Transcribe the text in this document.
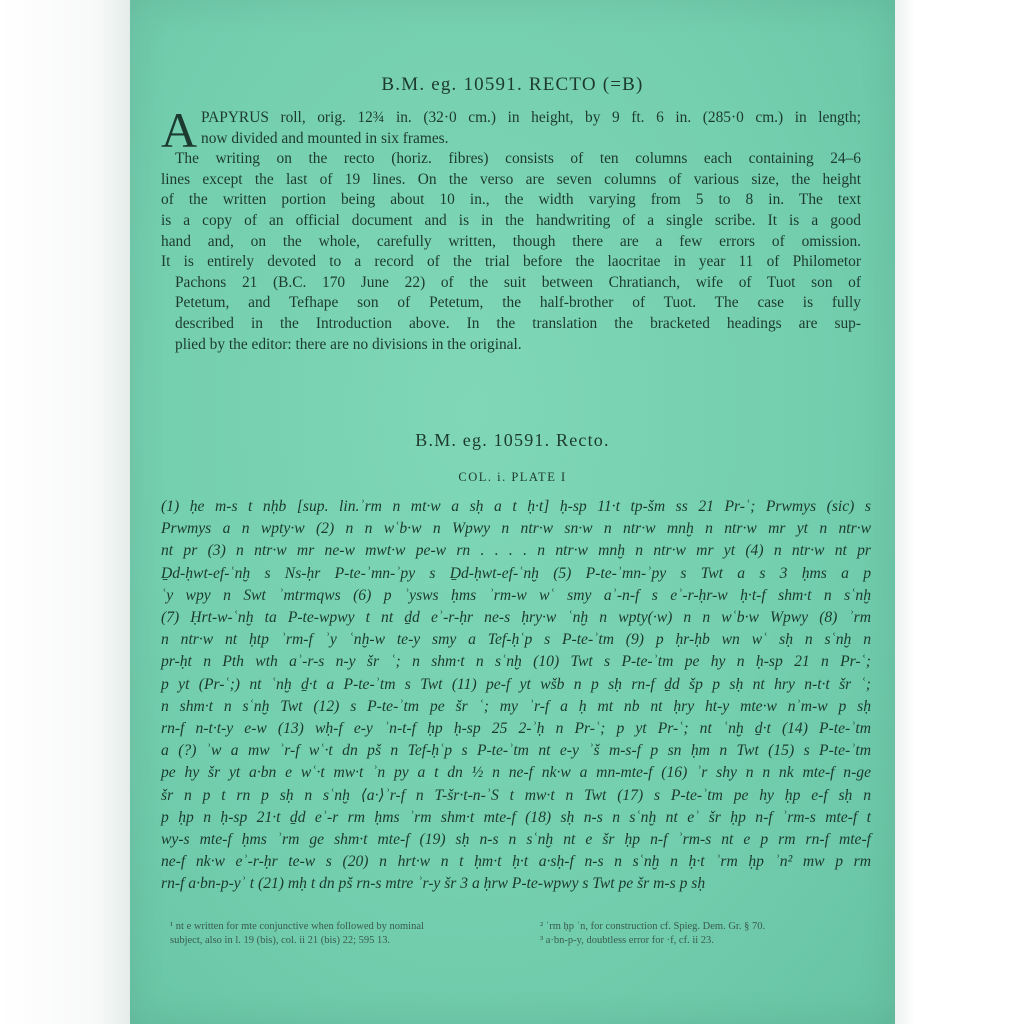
B.M. eg. 10591. RECTO (=B)
A PAPYRUS roll, orig. 12¾ in. (32·0 cm.) in height, by 9 ft. 6 in. (285·0 cm.) in length;
now divided and mounted in six frames.
The writing on the recto (horiz. fibres) consists of ten columns each containing 24–6
lines except the last of 19 lines. On the verso are seven columns of various size, the height
of the written portion being about 10 in., the width varying from 5 to 8 in. The text
is a copy of an official document and is in the handwriting of a single scribe. It is a good
hand and, on the whole, carefully written, though there are a few errors of omission.
It is entirely devoted to a record of the trial before the laocritae in year 11 of Philometor
Pachons 21 (B.C. 170 June 22) of the suit between Chratianch, wife of Tuot son of
Petetum, and Tefhape son of Petetum, the half-brother of Tuot. The case is fully
described in the Introduction above. In the translation the bracketed headings are sup-
plied by the editor: there are no divisions in the original.
B.M. eg. 10591. Recto.
COL. i. PLATE I
(1) ḥe m-s t nḥb [sup. lin.ʾrm n mt·w a sḥ a t ḥ·t] ḥ-sp 11·t tp-šm ss 21 Pr-ʿ; Prwmys (sic) s
Prwmys a n wpty·w (2) n n wʿb·w n Wpwy n ntr·w sn·w n ntr·w mnḫ n ntr·w mr yt n ntr·w
nt pr (3) n ntr·w mr ne-w mwt·w pe-w rn . . . . n ntr·w mnḫ n ntr·w mr yt (4) n ntr·w nt pr
Ḏd-ḥwt-ef-ʿnḫ s Ns-ḥr P-te-ʾmn-ʾpy s Ḏd-ḥwt-ef-ʿnḫ (5) P-te-ʾmn-ʾpy s Twt a s 3 ḥms a p
ʿy wpy n Swt ʾmtrmqws (6) p ʾysws ḥms ʾrm-w wʿ smy aʾ-n-f s eʾ-r-ḥr-w ḥ·t-f shm·t n sʿnḫ
(7) Ḥrt-w-ʿnḫ ta P-te-wpwy t nt ḏd eʾ-r-ḥr ne-s ḥry·w ʿnḫ n wpty(·w) n n wʿb·w Wpwy (8) ʾrm
n ntr·w nt ḥtp ʾrm-f ʾy ʿnḫ-w te-y smy a Tef-ḥʿp s P-te-ʾtm (9) p ḥr-ḥb wn wʿ sḥ n sʿnḫ n
pr-ḥt n Pth wth aʾ-r-s n-y šr ʿ; n shm·t n sʿnḫ (10) Twt s P-te-ʾtm pe hy n ḥ-sp 21 n Pr-ʿ;
p yt (Pr-ʿ;) nt ʿnḫ ḏ·t a P-te-ʾtm s Twt (11) pe-f yt wšb n p sḥ rn-f ḏd šp p sḥ nt hry n-t·t šr ʿ;
n shm·t n sʿnḫ Twt (12) s P-te-ʾtm pe šr ʿ; my ʾr-f a ḥ mt nb nt ḥry ht-y mte·w nʾm-w p sḥ
rn-f n-t·t-y e-w (13) wḥ-f e-y ʾn-t-f ḥp ḥ-sp 25 2-ʾḥ n Pr-ʿ; p yt Pr-ʿ; nt ʿnḫ ḏ·t (14) P-te-ʾtm
a (?) ʾw a mw ʾr-f wʿ·t dn pš n Tef-ḥʿp s P-te-ʾtm nt e-y ʾš m-s-f p sn ḥm n Twt (15) s P-te-ʾtm
pe hy šr yt a·bn e wʿ·t mw·t ʾn py a t dn ½ n ne-f nk·w a mn-mte-f (16) ʾr shy n n nk mte-f n-ge
šr n p t rn p sḥ n sʿnḫ ⟨a·⟩ʾr-f n T-šr·t-n-ʾS t mw·t n Twt (17) s P-te-ʾtm pe hy ḥp e-f sḥ n
p ḥp n ḥ-sp 21·t ḏd eʾ-r rm ḥms ʾrm shm·t mte-f (18) sḥ n-s n sʿnḫ nt eʾ šr ḥp n-f ʾrm-s mte-f t
wy-s mte-f ḥms ʾrm ge shm·t mte-f (19) sḥ n-s n sʿnḫ nt e šr ḥp n-f ʾrm-s nt e p rm rn-f mte-f
ne-f nk·w eʾ-r-ḥr te-w s (20) n hrt·w n t ḥm·t ḥ·t a·sḥ-f n-s n sʿnḫ n ḥ·t ʾrm ḥp ʾn² mw p rm
rn-f a·bn-p-yʾ t (21) mḥ t dn pš rn-s mtre ʾr-y šr 3 a ḥrw P-te-wpwy s Twt pe šr m-s p sḥ
¹ nt e written for mte conjunctive when followed by nominal
subject, also in l. 19 (bis), col. ii 21 (bis) 22; 595 13.
² ʾrm ḥp ʾn, for construction cf. Spieg. Dem. Gr. § 70.
³ a·bn-p-y, doubtless error for ·f, cf. ii 23.
